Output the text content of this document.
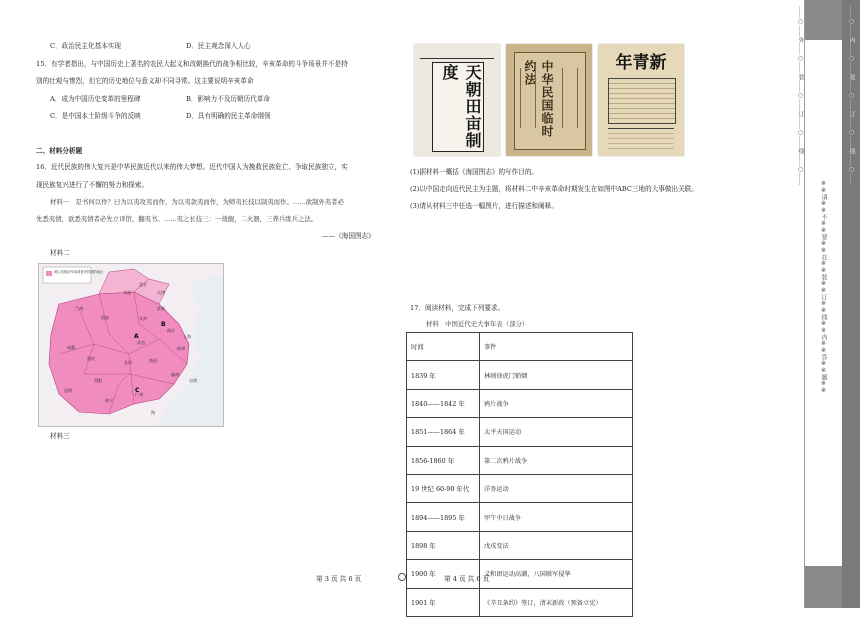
C．政治民主化基本实现	D．民主观念深入人心
15．有学者指出，与中国历史上著名的农民大起义和改朝换代的战争相比较，辛亥革命的斗争场景并不是特
别的壮观与惨烈，但它的历史地位与意义却不同寻常。这主要说明辛亥革命
A．成为中国历史变革的里程碑	B．影响力不及历朝历代革命
C．是中国本土阶级斗争的反映	D．具有明确的民主革命纲领
二、材料分析题
16．近代民族的伟大复兴是中华民族近代以来的伟大梦想。近代中国人为挽救民族危亡、争取民族独立，实
现民族复兴进行了不懈的努力和探索。
材料一　是书何以作？曰为以夷攻夷而作，为以夷款夷而作，为师夷长技以制夷而作。……欲制外夷者必
先悉夷情，欲悉夷情者必先立译馆，翻夷书。……夷之长技三：一战舰，二火器，三养兵练兵之法。
——《海国图志》
材料二
黄尘前统治军革命者采控制的地区
北京
天津
太原
西安
成都
重庆
贵阳
昆明
长沙
武昌
南京
上海
杭州
福州
广州
南宁
兰州	济南
开封
南昌
台湾
海
A
B
C
材料三
天朝田亩制度	中华民国临时约法	新青年
(1)据材料一概括《海国图志》的写作目的。
(2)以中国走向近代民主为主题，将材料二中辛亥革命时期发生在如图中ABC三地的大事做出关联。
(3)请从材料三中任选一幅图片，进行描述和阐释。
17．阅读材料，完成下列要求。
材料　中国近代史大事年表（部分）
时间	事件
1839 年	林则徐虎门销烟
1840——1842 年	鸦片战争
1851——1864 年	太平天国运动
1856-1860 年	第二次鸦片战争
19 世纪 60-90 年代	洋务运动
1894——1895 年	甲午中日战争
1898 年	戊戌变法
1900 年	义和团运动高潮，八国联军侵华
1901 年	《辛丑条约》签订，清末新政（预备立宪）
第 3 页 共 6 页	第 4 页 共 6 页
……○……外……○……装……○……订……○……线……○……
※※请※※不※※要※※在※※装※※订※※线※※内※※答※※题※※
……○……内……○……装……○……订……○……线……○……
